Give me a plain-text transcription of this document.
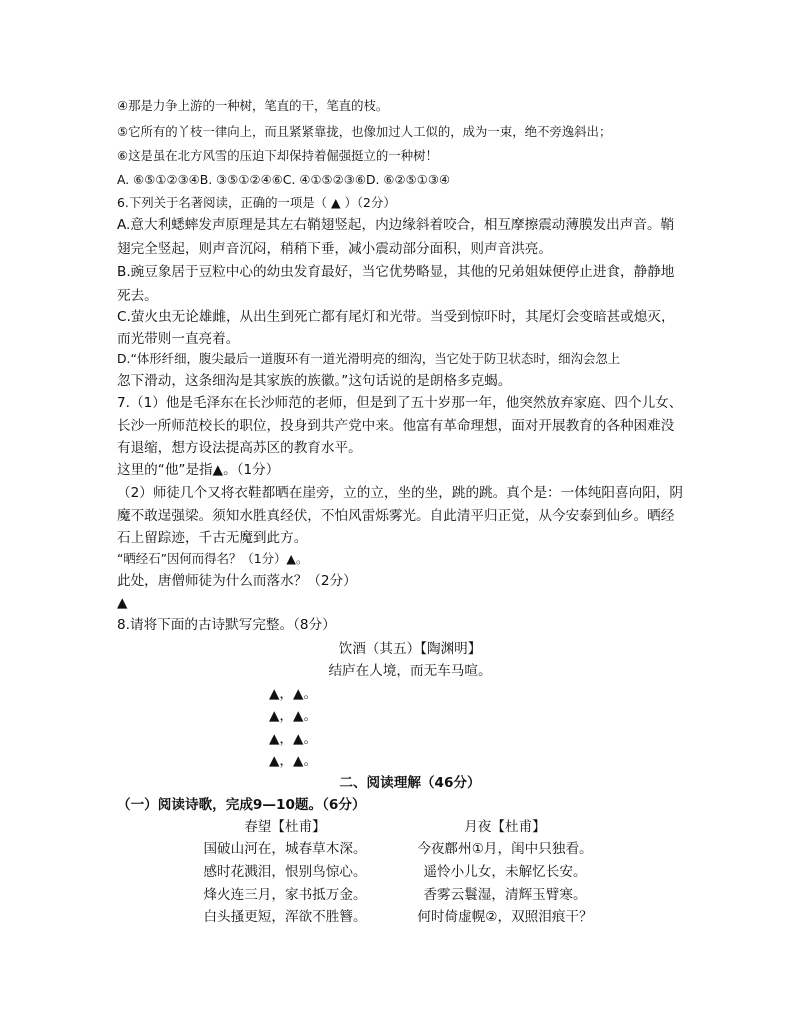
④那是力争上游的一种树，笔直的干，笔直的枝。
⑤它所有的丫枝一律向上，而且紧紧靠拢，也像加过人工似的，成为一束，绝不旁逸斜出；
⑥这是虽在北方风雪的压迫下却保持着倔强挺立的一种树！
A. ⑥⑤①②③④B. ③⑤①②④⑥C. ④①⑤②③⑥D. ⑥②⑤①③④
6.下列关于名著阅读，正确的一项是（ ▲ ）（2分）
A.意大利蟋蟀发声原理是其左右鞘翅竖起，内边缘斜着咬合，相互摩擦震动薄膜发出声音。鞘
翅完全竖起，则声音沉闷，稍稍下垂，减小震动部分面积，则声音洪亮。
B.豌豆象居于豆粒中心的幼虫发育最好，当它优势略显，其他的兄弟姐妹便停止进食，静静地
死去。
C.萤火虫无论雄雌，从出生到死亡都有尾灯和光带。当受到惊吓时，其尾灯会变暗甚或熄灭，
而光带则一直亮着。
D.“体形纤细，腹尖最后一道腹环有一道光滑明亮的细沟，当它处于防卫状态时，细沟会忽上
忽下滑动，这条细沟是其家族的族徽。”这句话说的是朗格多克蝎。
7.（1）他是毛泽东在长沙师范的老师，但是到了五十岁那一年，他突然放弃家庭、四个儿女、
长沙一所师范校长的职位，投身到共产党中来。他富有革命理想，面对开展教育的各种困难没
有退缩，想方设法提高苏区的教育水平。
这里的“他”是指▲。（1分）
（2）师徒几个又将衣鞋都晒在崖旁，立的立，坐的坐，跳的跳。真个是：一体纯阳喜向阳，阴
魔不敢逞强梁。须知水胜真经伏，不怕风雷烁雾光。自此清平归正觉，从今安泰到仙乡。晒经
石上留踪迹，千古无魔到此方。
“晒经石”因何而得名？（1分）▲。
此处，唐僧师徒为什么而落水？（2分）
▲
8.请将下面的古诗默写完整。（8分）
饮酒（其五）【陶渊明】
结庐在人境，而无车马喧。
▲，▲。
▲，▲。
▲，▲。
▲，▲。
二、阅读理解（46分）
（一）阅读诗歌，完成9—10题。（6分）
春望【杜甫】
国破山河在，城春草木深。
感时花溅泪，恨别鸟惊心。
烽火连三月，家书抵万金。
白头搔更短，浑欲不胜簪。
月夜【杜甫】
今夜鄜州①月，闺中只独看。
遥怜小儿女，未解忆长安。
香雾云鬟湿，清辉玉臂寒。
何时倚虚幌②，双照泪痕干？
